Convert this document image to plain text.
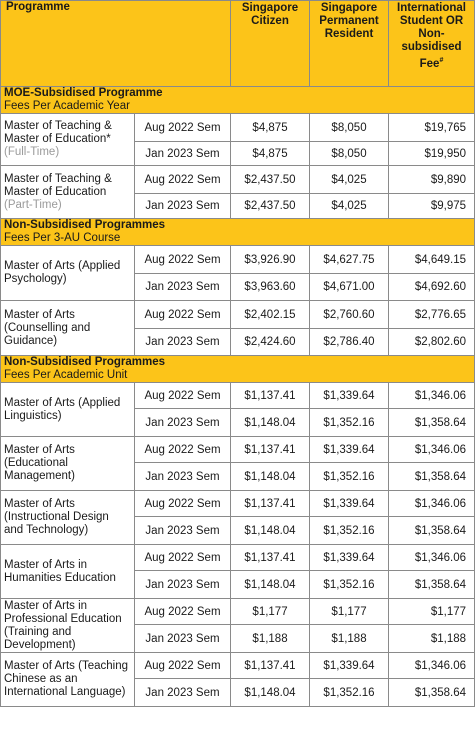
Programme		Singapore Citizen	Singapore Permanent Resident	International Student OR Non-subsidised Fee#

MOE-Subsidised Programme
Fees Per Academic Year				

Master of Teaching & Master of Education* (Full-Time)	Aug 2022 Sem	$4,875	$8,050	$19,765
	Jan 2023 Sem	$4,875	$8,050	$19,950
Master of Teaching & Master of Education (Part-Time)	Aug 2022 Sem	$2,437.50	$4,025	$9,890
	Jan 2023 Sem	$2,437.50	$4,025	$9,975

Non-Subsidised Programmes
Fees Per 3-AU Course				

Master of Arts (Applied Psychology)	Aug 2022 Sem	$3,926.90	$4,627.75	$4,649.15
	Jan 2023 Sem	$3,963.60	$4,671.00	$4,692.60
Master of Arts (Counselling and Guidance)	Aug 2022 Sem	$2,402.15	$2,760.60	$2,776.65
	Jan 2023 Sem	$2,424.60	$2,786.40	$2,802.60

Non-Subsidised Programmes
Fees Per Academic Unit				

Master of Arts (Applied Linguistics)	Aug 2022 Sem	$1,137.41	$1,339.64	$1,346.06
	Jan 2023 Sem	$1,148.04	$1,352.16	$1,358.64
Master of Arts (Educational Management)	Aug 2022 Sem	$1,137.41	$1,339.64	$1,346.06
	Jan 2023 Sem	$1,148.04	$1,352.16	$1,358.64
Master of Arts (Instructional Design and Technology)	Aug 2022 Sem	$1,137.41	$1,339.64	$1,346.06
	Jan 2023 Sem	$1,148.04	$1,352.16	$1,358.64
Master of Arts in Humanities Education	Aug 2022 Sem	$1,137.41	$1,339.64	$1,346.06
	Jan 2023 Sem	$1,148.04	$1,352.16	$1,358.64
Master of Arts in Professional Education (Training and Development)	Aug 2022 Sem	$1,177	$1,177	$1,177
	Jan 2023 Sem	$1,188	$1,188	$1,188
Master of Arts (Teaching Chinese as an International Language)	Aug 2022 Sem	$1,137.41	$1,339.64	$1,346.06
	Jan 2023 Sem	$1,148.04	$1,352.16	$1,358.64
